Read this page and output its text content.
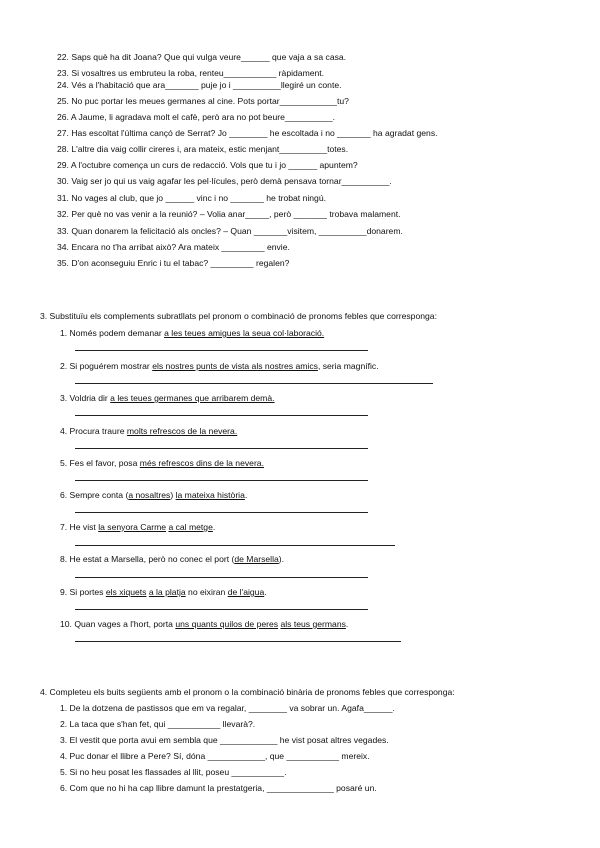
22. Saps què ha dit Joana? Que qui vulga veure______ que vaja a sa casa.
23. Si vosaltres us embruteu la roba, renteu___________ ràpidament.
24. Vés a l'habitació que ara_______ puje jo i __________llegiré un conte.
25. No puc portar les meues germanes al cine. Pots portar____________tu?
26. A Jaume, li agradava molt el cafè, però ara no pot beure__________.
27. Has escoltat l'última cançó de Serrat? Jo ________ he escoltada i no _______ ha agradat gens.
28. L'altre dia vaig collir cireres i, ara mateix, estic menjant__________totes.
29. A l'octubre comença un curs de redacció. Vols que tu i jo ______ apuntem?
30. Vaig ser jo qui us vaig agafar les pel·lícules, però demà pensava tornar__________.
31. No vages al club, que jo ______ vinc i no _______ he trobat ningú.
32. Per què no vas venir a la reunió? – Volia anar_____, però _______ trobava malament.
33. Quan donarem la felicitació als oncles? – Quan _______visitem, __________donarem.
34. Encara no t'ha arribat això? Ara mateix _________ envie.
35. D'on aconseguiu Enric i tu el tabac? _________ regalen?
3. Substituïu els complements subratllats pel pronom o combinació de pronoms febles que corresponga:
1. Només podem demanar a les teues amigues la seua col·laboració.
2. Si poguérem mostrar els nostres punts de vista als nostres amics, seria magnífic.
3. Voldria dir a les teues germanes que arribarem demà.
4. Procura traure molts refrescos de la nevera.
5. Fes el favor, posa més refrescos dins de la nevera.
6. Sempre conta (a nosaltres) la mateixa història.
7. He vist la senyora Carme a cal metge.
8. He estat a Marsella, però no conec el port (de Marsella).
9. Si portes els xiquets a la platja no eixiran de l'aigua.
10. Quan vages a l'hort, porta uns quants quilos de peres als teus germans.
4. Completeu els buits següents amb el pronom o la combinació binària de pronoms febles que corresponga:
1. De la dotzena de pastissos que em va regalar, ________ va sobrar un. Agafa______.
2. La taca que s'han fet, qui ___________ llevarà?.
3. El vestit que porta avui em sembla que ____________ he vist posat altres vegades.
4. Puc donar el llibre a Pere? Sí, dóna ____________, que ___________ mereix.
5. Si no heu posat les flassades al llit, poseu ___________.
6. Com que no hi ha cap llibre damunt la prestatgeria, ______________ posaré un.
